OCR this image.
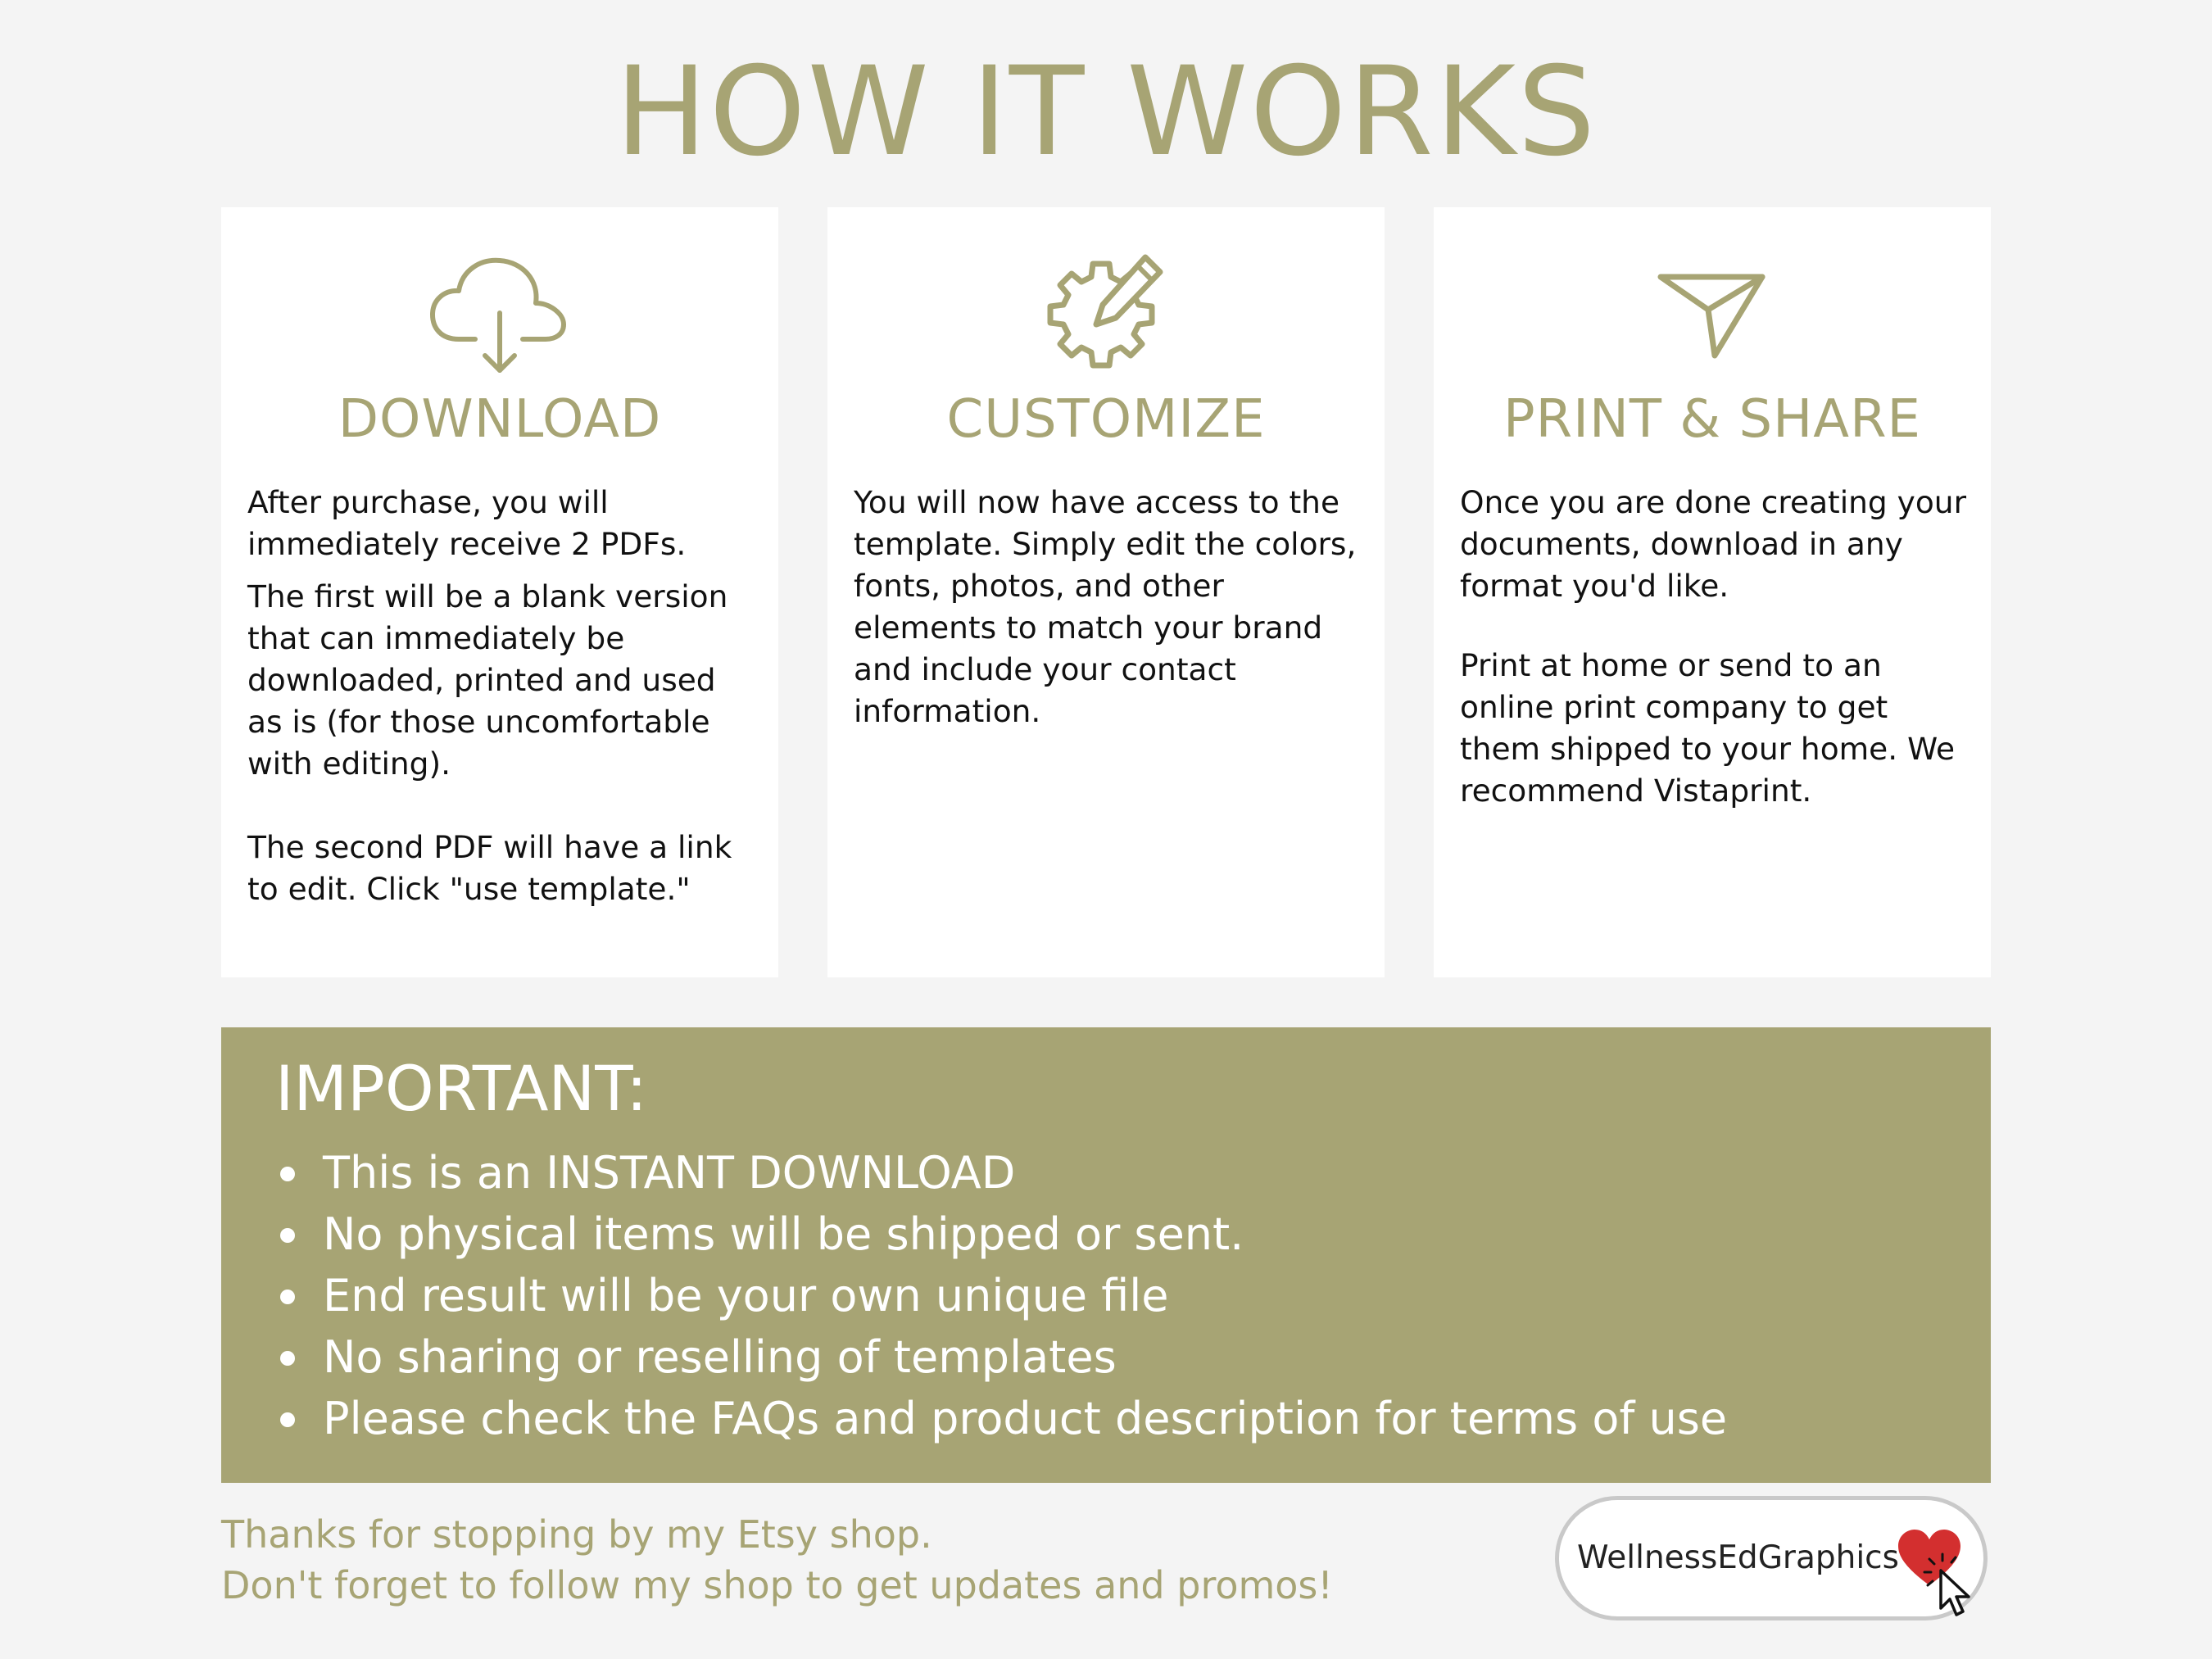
HOW IT WORKS
DOWNLOAD

After purchase, you will immediately receive 2 PDFs.

The first will be a blank version that can immediately be downloaded, printed and used as is (for those uncomfortable with editing).

The second PDF will have a link to edit. Click "use template."

CUSTOMIZE

You will now have access to the template. Simply edit the colors, fonts, photos, and other elements to match your brand and include your contact information.

PRINT & SHARE

Once you are done creating your documents, download in any format you'd like.

Print at home or send to an online print company to get them shipped to your home. We recommend Vistaprint.

IMPORTANT:
This is an INSTANT DOWNLOAD
No physical items will be shipped or sent.
End result will be your own unique file
No sharing or reselling of templates
Please check the FAQs and product description for terms of use
Thanks for stopping by my Etsy shop.
Don't forget to follow my shop to get updates and promos!
WellnessEdGraphics
